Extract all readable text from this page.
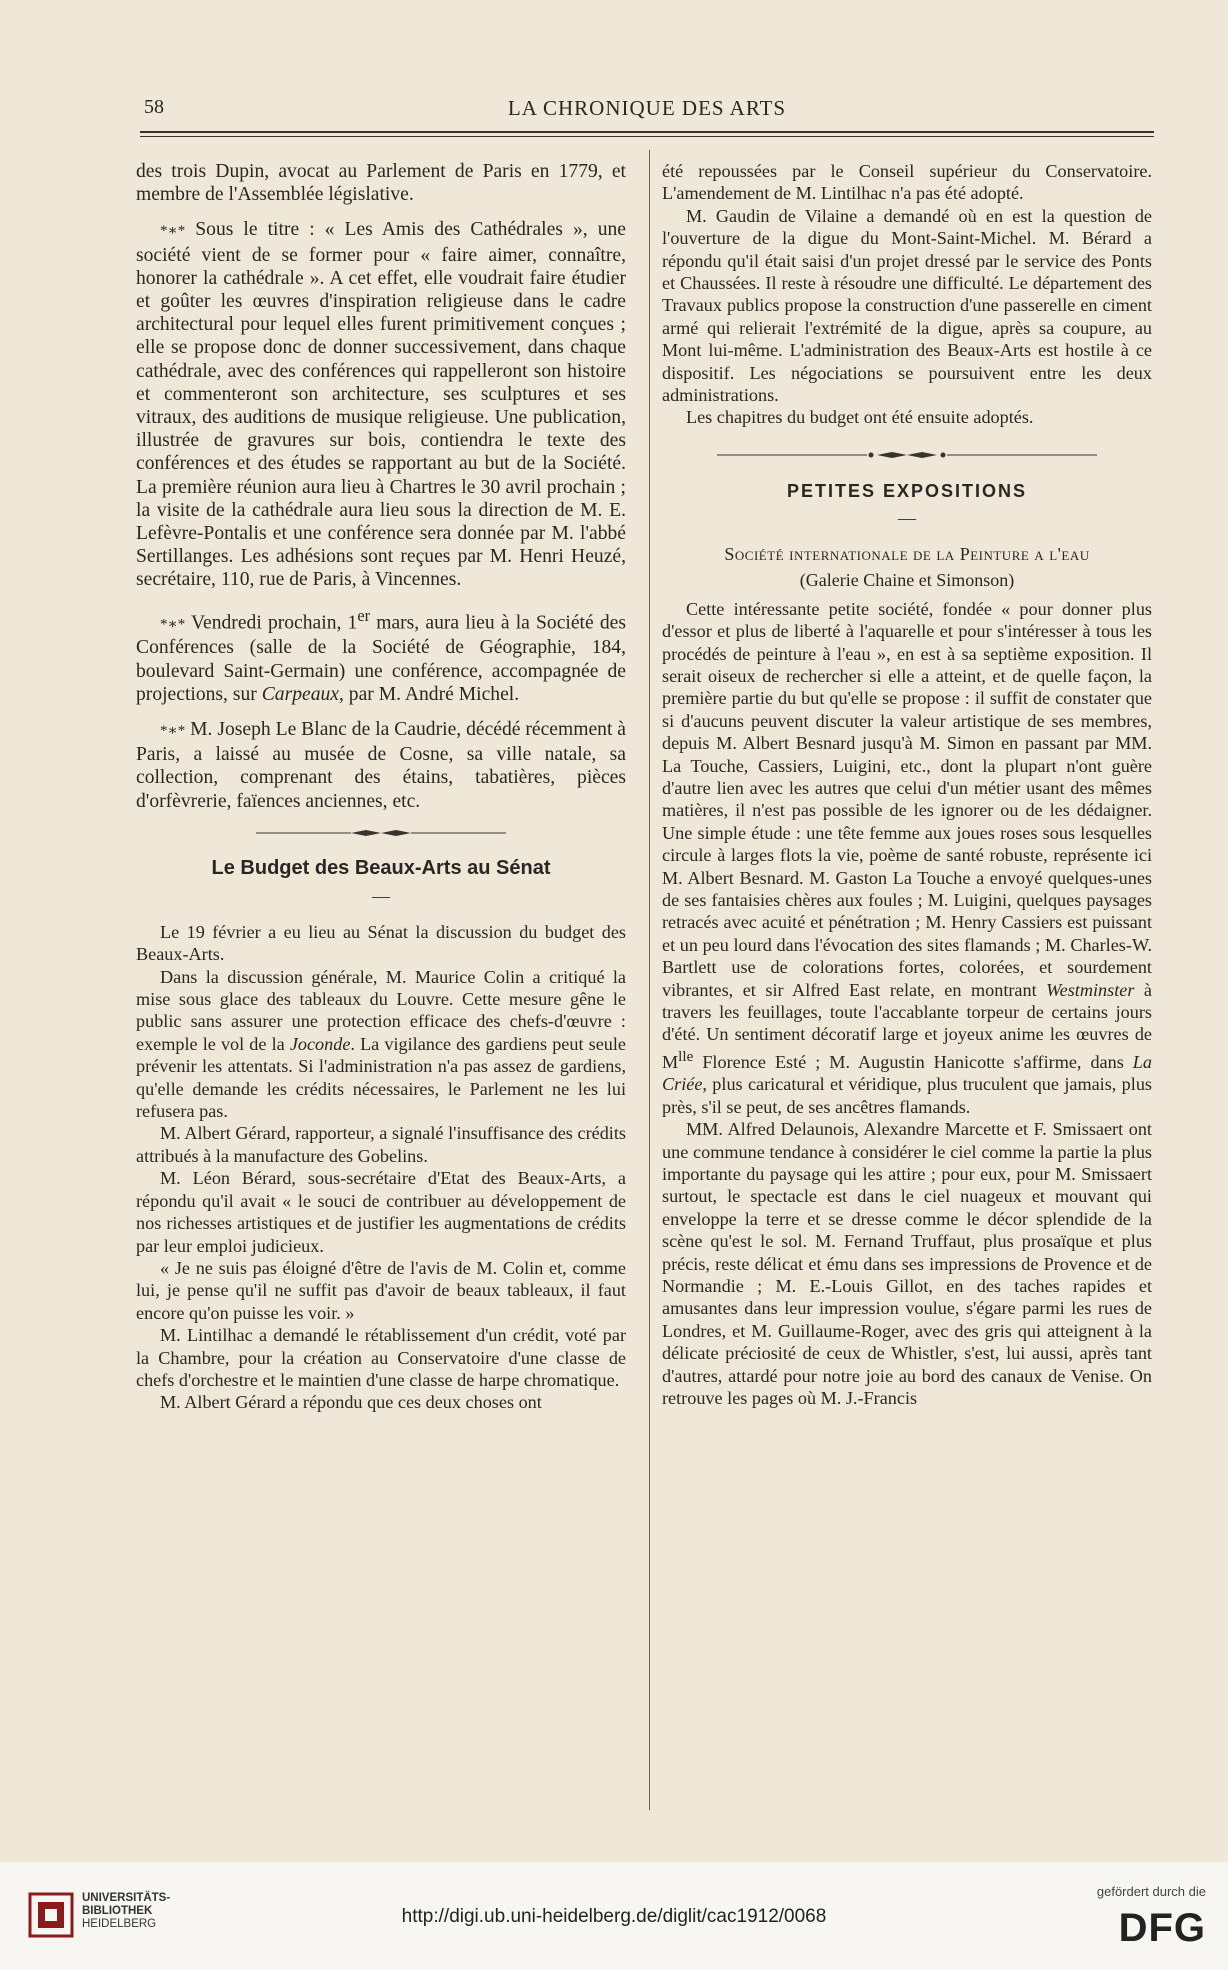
58	LA CHRONIQUE DES ARTS

des trois Dupin, avocat au Parlement de Paris en 1779, et membre de l'Assemblée législative.

*∗* Sous le titre : « Les Amis des Cathédrales », une société vient de se former pour « faire aimer, connaître, honorer la cathédrale ». A cet effet, elle voudrait faire étudier et goûter les œuvres d'inspiration religieuse dans le cadre architectural pour lequel elles furent primitivement conçues ; elle se propose donc de donner successivement, dans chaque cathédrale, avec des conférences qui rappelleront son histoire et commenteront son architecture, ses sculptures et ses vitraux, des auditions de musique religieuse. Une publication, illustrée de gravures sur bois, contiendra le texte des conférences et des études se rapportant au but de la Société. La première réunion aura lieu à Chartres le 30 avril prochain ; la visite de la cathédrale aura lieu sous la direction de M. E. Lefèvre-Pontalis et une conférence sera donnée par M. l'abbé Sertillanges. Les adhésions sont reçues par M. Henri Heuzé, secrétaire, 110, rue de Paris, à Vincennes.

*∗* Vendredi prochain, 1er mars, aura lieu à la Société des Conférences (salle de la Société de Géographie, 184, boulevard Saint-Germain) une conférence, accompagnée de projections, sur Carpeaux, par M. André Michel.

*∗* M. Joseph Le Blanc de la Caudrie, décédé récemment à Paris, a laissé au musée de Cosne, sa ville natale, sa collection, comprenant des étains, tabatières, pièces d'orfèvrerie, faïences anciennes, etc.

Le Budget des Beaux-Arts au Sénat
—

Le 19 février a eu lieu au Sénat la discussion du budget des Beaux-Arts.

Dans la discussion générale, M. Maurice Colin a critiqué la mise sous glace des tableaux du Louvre. Cette mesure gêne le public sans assurer une protection efficace des chefs-d'œuvre : exemple le vol de la Joconde. La vigilance des gardiens peut seule prévenir les attentats. Si l'administration n'a pas assez de gardiens, qu'elle demande les crédits nécessaires, le Parlement ne les lui refusera pas.

M. Albert Gérard, rapporteur, a signalé l'insuffisance des crédits attribués à la manufacture des Gobelins.

M. Léon Bérard, sous-secrétaire d'Etat des Beaux-Arts, a répondu qu'il avait « le souci de contribuer au développement de nos richesses artistiques et de justifier les augmentations de crédits par leur emploi judicieux.

« Je ne suis pas éloigné d'être de l'avis de M. Colin et, comme lui, je pense qu'il ne suffit pas d'avoir de beaux tableaux, il faut encore qu'on puisse les voir. »

M. Lintilhac a demandé le rétablissement d'un crédit, voté par la Chambre, pour la création au Conservatoire d'une classe de chefs d'orchestre et le maintien d'une classe de harpe chromatique.

M. Albert Gérard a répondu que ces deux choses ont

été repoussées par le Conseil supérieur du Conservatoire. L'amendement de M. Lintilhac n'a pas été adopté.

M. Gaudin de Vilaine a demandé où en est la question de l'ouverture de la digue du Mont-Saint-Michel. M. Bérard a répondu qu'il était saisi d'un projet dressé par le service des Ponts et Chaussées. Il reste à résoudre une difficulté. Le département des Travaux publics propose la construction d'une passerelle en ciment armé qui relierait l'extrémité de la digue, après sa coupure, au Mont lui-même. L'administration des Beaux-Arts est hostile à ce dispositif. Les négociations se poursuivent entre les deux administrations.

Les chapitres du budget ont été ensuite adoptés.

PETITES EXPOSITIONS
—

Société internationale de la Peinture a l'eau

(Galerie Chaine et Simonson)

Cette intéressante petite société, fondée « pour donner plus d'essor et plus de liberté à l'aquarelle et pour s'intéresser à tous les procédés de peinture à l'eau », en est à sa septième exposition. Il serait oiseux de rechercher si elle a atteint, et de quelle façon, la première partie du but qu'elle se propose : il suffit de constater que si d'aucuns peuvent discuter la valeur artistique de ses membres, depuis M. Albert Besnard jusqu'à M. Simon en passant par MM. La Touche, Cassiers, Luigini, etc., dont la plupart n'ont guère d'autre lien avec les autres que celui d'un métier usant des mêmes matières, il n'est pas possible de les ignorer ou de les dédaigner. Une simple étude : une tête femme aux joues roses sous lesquelles circule à larges flots la vie, poème de santé robuste, représente ici M. Albert Besnard. M. Gaston La Touche a envoyé quelques-unes de ses fantaisies chères aux foules ; M. Luigini, quelques paysages retracés avec acuité et pénétration ; M. Henry Cassiers est puissant et un peu lourd dans l'évocation des sites flamands ; M. Charles-W. Bartlett use de colorations fortes, colorées, et sourdement vibrantes, et sir Alfred East relate, en montrant Westminster à travers les feuillages, toute l'accablante torpeur de certains jours d'été. Un sentiment décoratif large et joyeux anime les œuvres de $M^{lle}$ Florence Esté ; M. Augustin Hanicotte s'affirme, dans La Criée, plus caricatural et véridique, plus truculent que jamais, plus près, s'il se peut, de ses ancêtres flamands.

MM. Alfred Delaunois, Alexandre Marcette et F. Smissaert ont une commune tendance à considérer le ciel comme la partie la plus importante du paysage qui les attire ; pour eux, pour M. Smissaert surtout, le spectacle est dans le ciel nuageux et mouvant qui enveloppe la terre et se dresse comme le décor splendide de la scène qu'est le sol. M. Fernand Truffaut, plus prosaïque et plus précis, reste délicat et ému dans ses impressions de Provence et de Normandie ; M. E.-Louis Gillot, en des taches rapides et amusantes dans leur impression voulue, s'égare parmi les rues de Londres, et M. Guillaume-Roger, avec des gris qui atteignent à la délicate préciosité de ceux de Whistler, s'est, lui aussi, après tant d'autres, attardé pour notre joie au bord des canaux de Venise. On retrouve les pages où M. J.-Francis

UNIVERSITÄTS-
BIBLIOTHEK
HEIDELBERG	http://digi.ub.uni-heidelberg.de/diglit/cac1912/0068
gefördert durch die
DFG
